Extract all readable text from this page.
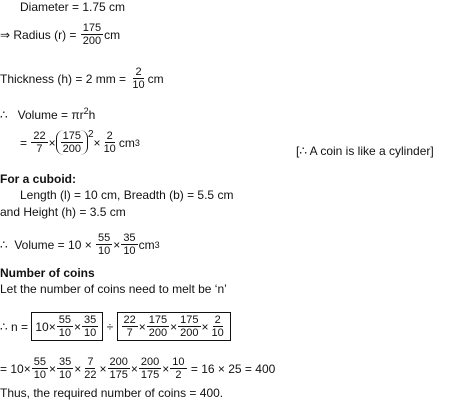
Diameter = 1.75 cm
⇒ Radius (r) =
$\frac{175}{200}$ cm
Thickness (h) = 2 mm =
$\frac{2}{10}$ cm
∴ Volume = $\pi r^2h$
=
$\frac{22}{7} \times \frac{175}{200} 2$
× $\frac{2}{10}$ cm 3
[∴ A coin is like a cylinder]
For a cuboid:
Length (l) = 10 cm, Breadth (b) = 5.5 cm
and Height (h) = 3.5 cm
∴
Volume = 10 ×
$\frac{55}{10} \times \frac{35}{10}$ cm 3
Number of coins
Let the number of coins need to melt be ‘n’
∴
n =
$10 \times \frac{55}{10} \times \frac{35}{10}$
÷
$\frac{22}{7} \times \frac{175}{200} \times \frac{175}{200} \times \frac{2}{10}$
=
$10 \times \frac{55}{10} \times \frac{35}{10} \times \frac{7}{22} \times \frac{200}{175} \times \frac{200}{175} \times \frac{10}{2}$
= 16 × 25 = 400
Thus, the required number of coins = 400.
